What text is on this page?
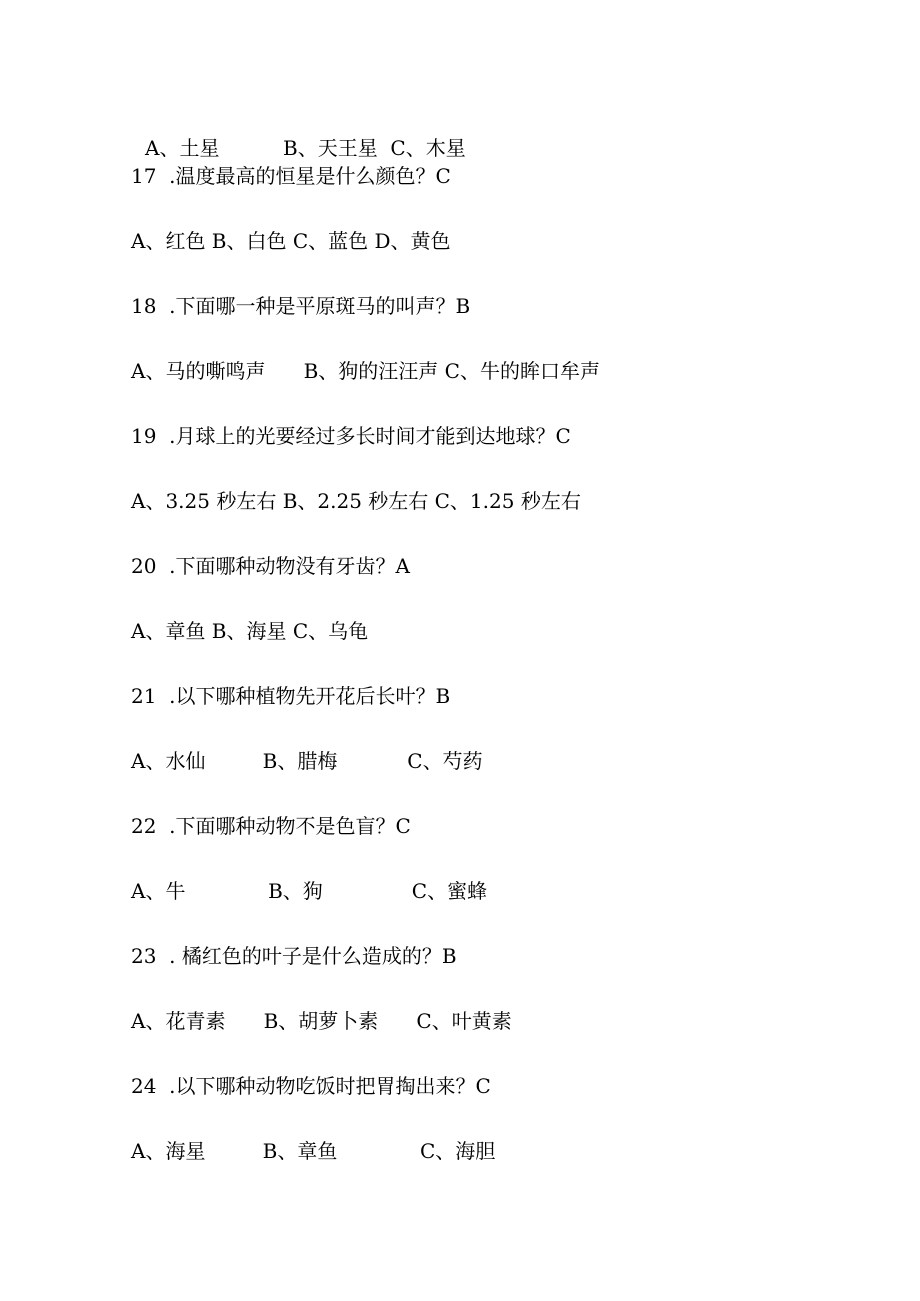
A、土星          B、天王星  C、木星
17  .温度最高的恒星是什么颜色？C
A、红色 B、白色 C、蓝色 D、黄色
18  .下面哪一种是平原斑马的叫声？B
A、马的嘶鸣声      B、狗的汪汪声 C、牛的眸口牟声
19  .月球上的光要经过多长时间才能到达地球？C
A、3.25 秒左右 B、2.25 秒左右 C、1.25 秒左右
20  .下面哪种动物没有牙齿？A
A、章鱼 B、海星 C、乌龟
21  .以下哪种植物先开花后长叶？B
A、水仙         B、腊梅           C、芍药
22  .下面哪种动物不是色盲？C
A、牛             B、狗              C、蜜蜂
23  . 橘红色的叶子是什么造成的？B
A、花青素      B、胡萝卜素      C、叶黄素
24  .以下哪种动物吃饭时把胃掏出来？C
A、海星         B、章鱼             C、海胆
